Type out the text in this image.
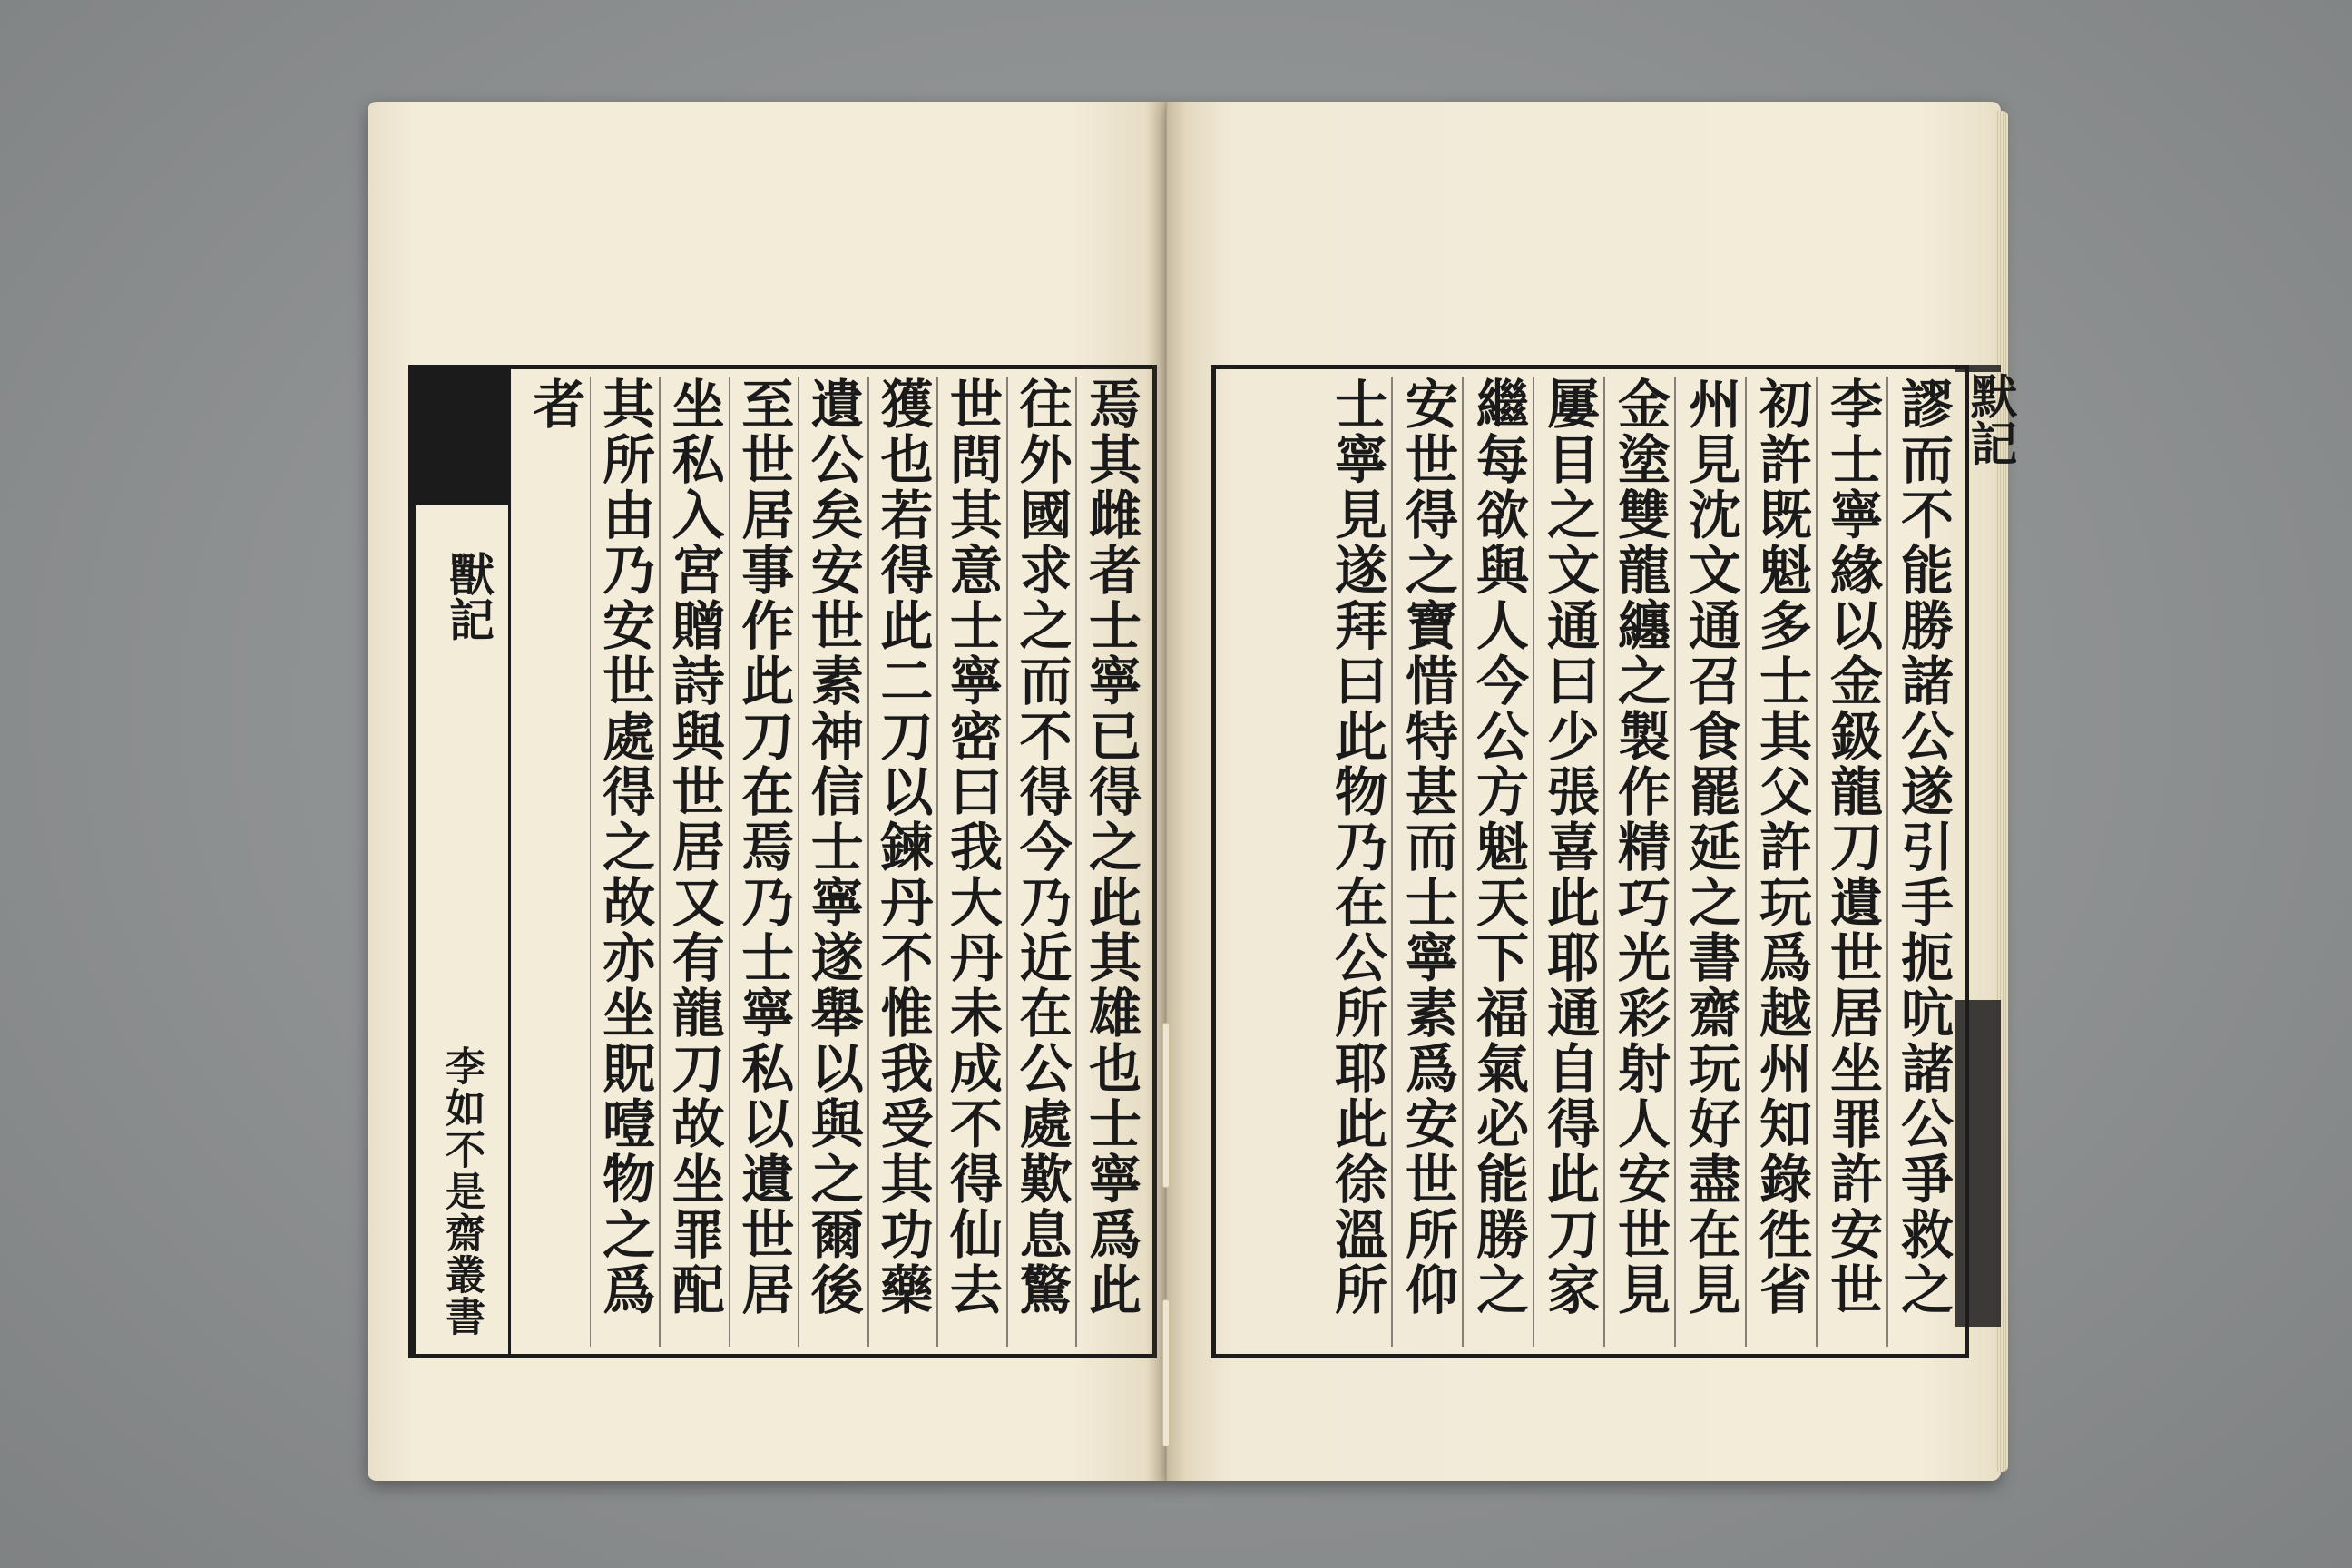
獸記
李如不是齋叢書
焉其雌者士寧已得之此其雄也士寧爲此
往外國求之而不得今乃近在公處歎息驚
世問其意士寧密曰我大丹未成不得仙去
獲也若得此二刀以鍊丹不惟我受其功藥
遺公矣安世素神信士寧遂舉以與之爾後
至世居事作此刀在焉乃士寧私以遺世居
坐私入宮贈詩與世居又有龍刀故坐罪配
其所由乃安世處得之故亦坐貺噎物之爲
者	謬而不能勝諸公遂引手扼吭諸公爭救之
李士寧緣以金鈒龍刀遺世居坐罪許安世
初許既魁多士其父許玩爲越州知錄徃省
州見沈文通召食罷延之書齋玩好盡在見
金塗雙龍纏之製作精巧光彩射人安世見
屢目之文通曰少張喜此耶通自得此刀家
繼每欲與人今公方魁天下福氣必能勝之
安世得之寶惜特甚而士寧素爲安世所仰
士寧見遂拜曰此物乃在公所耶此徐溫所
默記
